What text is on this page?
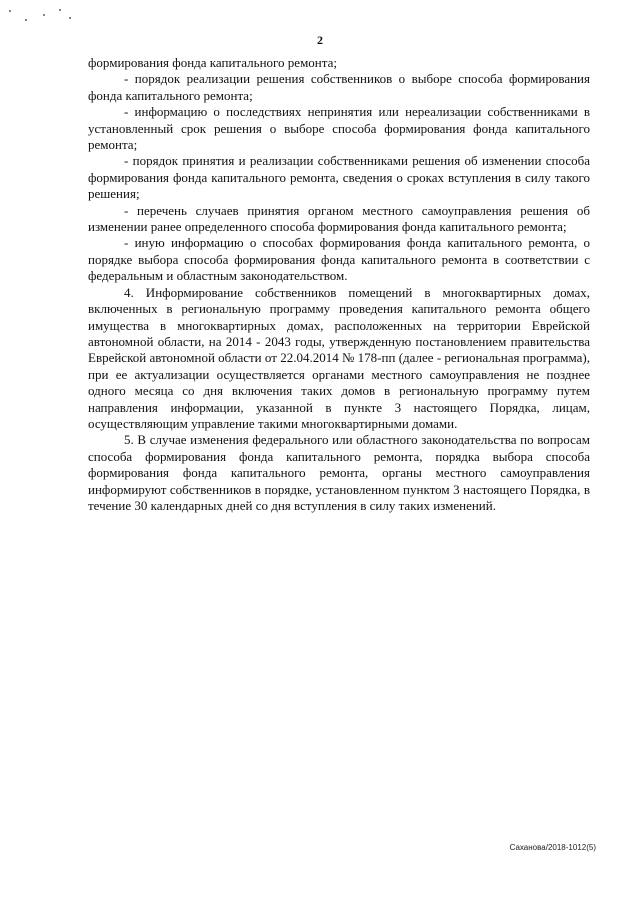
2

формирования фонда капитального ремонта;

- порядок реализации решения собственников о выборе способа формирования фонда капитального ремонта;

- информацию о последствиях непринятия или нереализации собственниками в установленный срок решения о выборе способа формирования фонда капитального ремонта;

- порядок принятия и реализации собственниками решения об изменении способа формирования фонда капитального ремонта, сведения о сроках вступления в силу такого решения;

- перечень случаев принятия органом местного самоуправления решения об изменении ранее определенного способа формирования фонда капитального ремонта;

- иную информацию о способах формирования фонда капитального ремонта, о порядке выбора способа формирования фонда капитального ремонта в соответствии с федеральным и областным законодательством.

4. Информирование собственников помещений в многоквартирных домах, включенных в региональную программу проведения капитального ремонта общего имущества в многоквартирных домах, расположенных на территории Еврейской автономной области, на 2014 - 2043 годы, утвержденную постановлением правительства Еврейской автономной области от 22.04.2014 № 178-пп (далее - региональная программа), при ее актуализации осуществляется органами местного самоуправления не позднее одного месяца со дня включения таких домов в региональную программу путем направления информации, указанной в пункте 3 настоящего Порядка, лицам, осуществляющим управление такими многоквартирными домами.

5. В случае изменения федерального или областного законодательства по вопросам способа формирования фонда капитального ремонта, порядка выбора способа формирования фонда капитального ремонта, органы местного самоуправления информируют собственников в порядке, установленном пунктом 3 настоящего Порядка, в течение 30 календарных дней со дня вступления в силу таких изменений.

Саханова/2018-1012(5)
